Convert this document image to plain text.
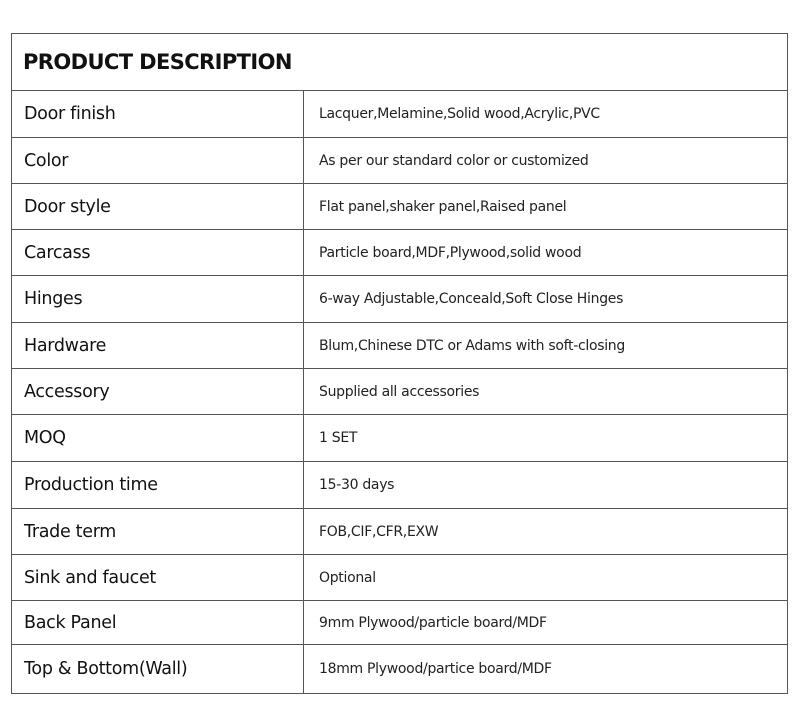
PRODUCT DESCRIPTION
Door finish	Lacquer,Melamine,Solid wood,Acrylic,PVC
Color	As per our standard color or customized
Door style	Flat panel,shaker panel,Raised panel
Carcass	Particle board,MDF,Plywood,solid wood
Hinges	6-way Adjustable,Conceald,Soft Close Hinges
Hardware	Blum,Chinese DTC or Adams with soft-closing
Accessory	Supplied all accessories
MOQ	1 SET
Production time	15-30 days
Trade term	FOB,CIF,CFR,EXW
Sink and faucet	Optional
Back Panel	9mm Plywood/particle board/MDF
Top & Bottom(Wall)	18mm Plywood/partice board/MDF
